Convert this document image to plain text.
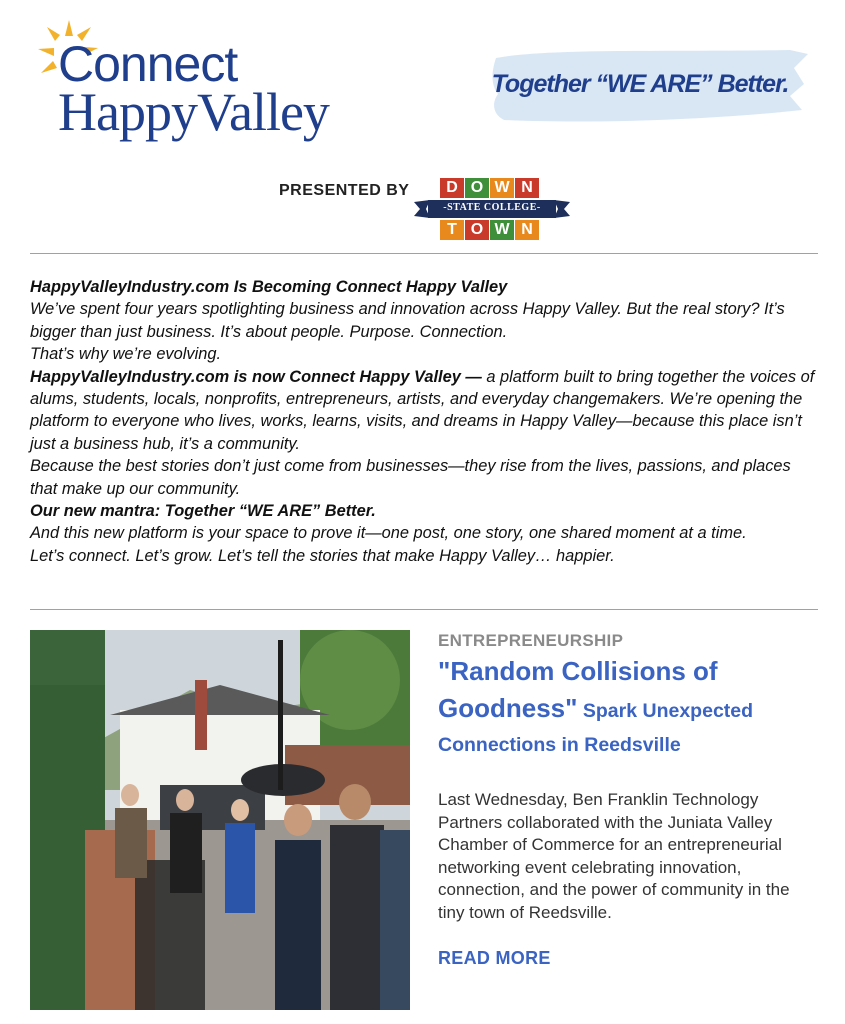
Connect
HappyValley	Together “WE ARE” Better.
PRESENTED BY	D O W N
-STATE COLLEGE-
T O W N

HappyValleyIndustry.com Is Becoming Connect Happy Valley

We’ve spent four years spotlighting business and innovation across Happy Valley. But the real story? It’s bigger than just business. It’s about people. Purpose. Connection.

That’s why we’re evolving.

HappyValleyIndustry.com is now Connect Happy Valley — a platform built to bring together the voices of alums, students, locals, nonprofits, entrepreneurs, artists, and everyday changemakers. We’re opening the platform to everyone who lives, works, learns, visits, and dreams in Happy Valley—because this place isn’t just a business hub, it’s a community.

Because the best stories don’t just come from businesses—they rise from the lives, passions, and places that make up our community.

Our new mantra: Together “WE ARE” Better.

And this new platform is your space to prove it—one post, one story, one shared moment at a time.

Let’s connect. Let’s grow. Let’s tell the stories that make Happy Valley… happier.

ENTREPRENEURSHIP
"Random Collisions of Goodness" Spark Unexpected Connections in Reedsville
Last Wednesday, Ben Franklin Technology Partners collaborated with the Juniata Valley Chamber of Commerce for an entrepreneurial networking event celebrating innovation, connection, and the power of community in the tiny town of Reedsville.
READ MORE
